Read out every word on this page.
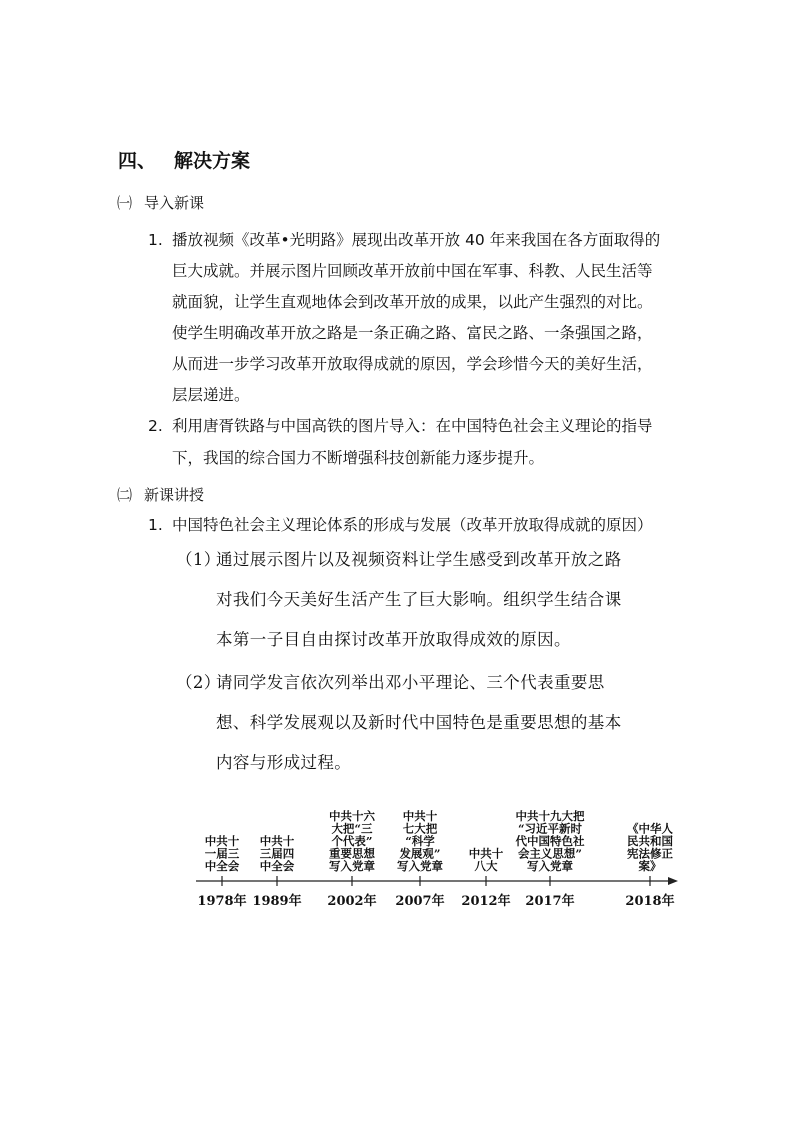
四、 解决方案
㈠ 导入新课
1. 播放视频《改革•光明路》展现出改革开放 40 年来我国在各方面取得的
巨大成就。并展示图片回顾改革开放前中国在军事、科教、人民生活等
就面貌，让学生直观地体会到改革开放的成果，以此产生强烈的对比。
使学生明确改革开放之路是一条正确之路、富民之路、一条强国之路，
从而进一步学习改革开放取得成就的原因，学会珍惜今天的美好生活，
层层递进。
2. 利用唐胥铁路与中国高铁的图片导入：在中国特色社会主义理论的指导
下，我国的综合国力不断增强科技创新能力逐步提升。
㈡ 新课讲授
1. 中国特色社会主义理论体系的形成与发展（改革开放取得成就的原因）
（1）通过展示图片以及视频资料让学生感受到改革开放之路
对我们今天美好生活产生了巨大影响。组织学生结合课
本第一子目自由探讨改革开放取得成效的原因。
（2）请同学发言依次列举出邓小平理论、三个代表重要思
想、科学发展观以及新时代中国特色是重要思想的基本
内容与形成过程。
中共十
一届三
中全会
1978年
中共十
三届四
中全会
1989年
中共十六
大把“三
个代表”
重要思想
写入党章
2002年
中共十
七大把
“科学
发展观”
写入党章
2007年
中共十
八大
2012年
中共十九大把
“习近平新时
代中国特色社
会主义思想”
写入党章
2017年
《中华人
民共和国
宪法修正
案》
2018年
